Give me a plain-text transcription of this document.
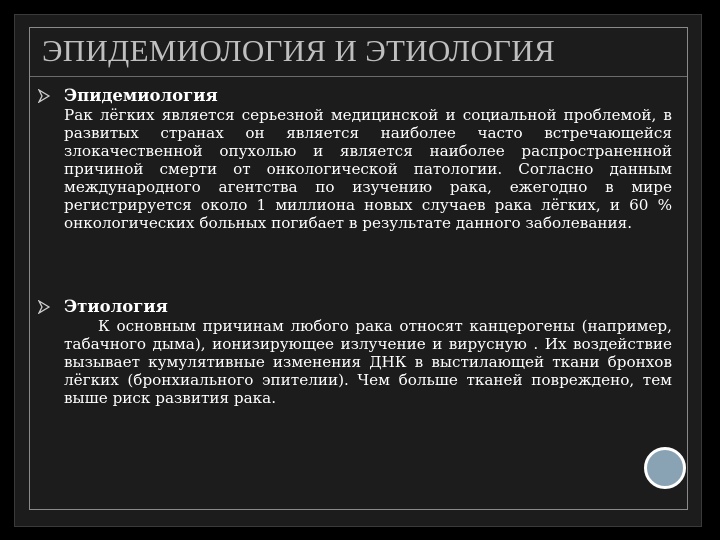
ЭПИДЕМИОЛОГИЯ И ЭТИОЛОГИЯ
Эпидемиология
Рак лёгких является серьезной медицинской и социальной проблемой, в развитых странах он является наиболее часто встречающейся злокачественной опухолью и является наиболее распространенной причиной смерти от онкологической патологии. Согласно данным международного агентства по изучению рака, ежегодно в мире регистрируется около 1 миллиона новых случаев рака лёгких, и 60 % онкологических больных погибает в результате данного заболевания.
Этиология
К основным причинам любого рака относят канцерогены (например, табачного дыма), ионизирующее излучение и вирусную . Их воздействие вызывает кумулятивные изменения ДНК в выстилающей ткани бронхов лёгких (бронхиального эпителии). Чем больше тканей повреждено, тем выше риск развития рака.
